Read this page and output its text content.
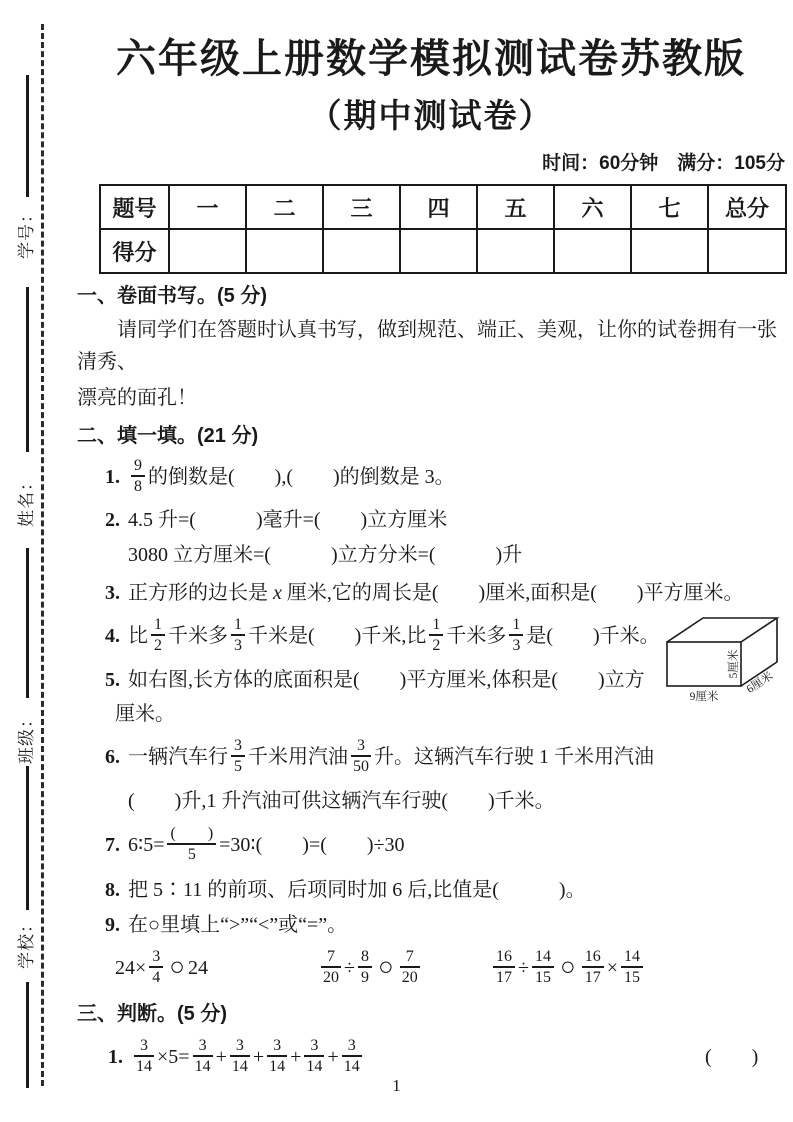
学号：
姓名：
班级：
学校：
六年级上册数学模拟测试卷苏教版
（期中测试卷）
时间：60分钟　满分：105分
题号	一	二	三	四	五	六	七	总分
得分								
一、卷面书写。(5 分)
请同学们在答题时认真书写，做到规范、端正、美观，让你的试卷拥有一张清秀、
漂亮的面孔！
二、填一填。(21 分)
1. $\frac{9}{8}$ 的倒数是(　　),(　　)的倒数是 3。
2. 4.5 升=(　　　)毫升=(　　)立方厘米
3080 立方厘米=(　　　)立方分米=(　　　)升
3. 正方形的边长是 x 厘米,它的周长是(　　)厘米,面积是(　　)平方厘米。
4. 比 $\frac{1}{2}$ 千米多 $\frac{1}{3}$ 千米是(　　)千米,比 $\frac{1}{2}$ 千米多 $\frac{1}{3}$ 是(　　)千米。
5. 如右图,长方体的底面积是(　　)平方厘米,体积是(　　)立方
厘米。
6. 一辆汽车行 $\frac{3}{5}$ 千米用汽油 $\frac{3}{50}$ 升。这辆汽车行驶 1 千米用汽油
(　　)升,1 升汽油可供这辆汽车行驶(　　)千米。
7. 6∶5= $\frac{( )}{5}$ =30∶(　　)=(　　)÷30
8. 把 5∶11 的前项、后项同时加 6 后,比值是(　　　)。
9. 在○里填上“>”“<”或“=”。
$24\times \frac{3}{4}$ ○ 24	$\frac{7}{20} \div \frac{8}{9}$ ○ $\frac{7}{20}$	$\frac{16}{17} \div \frac{14}{15}$ ○ $\frac{16}{17} \times \frac{14}{15}$
三、判断。(5 分)
1. $\frac{3}{14} \times 5= \frac{3}{14} + \frac{3}{14} + \frac{3}{14} + \frac{3}{14} + \frac{3}{14}$	(　　)
9厘米
5厘米
6厘米
1
